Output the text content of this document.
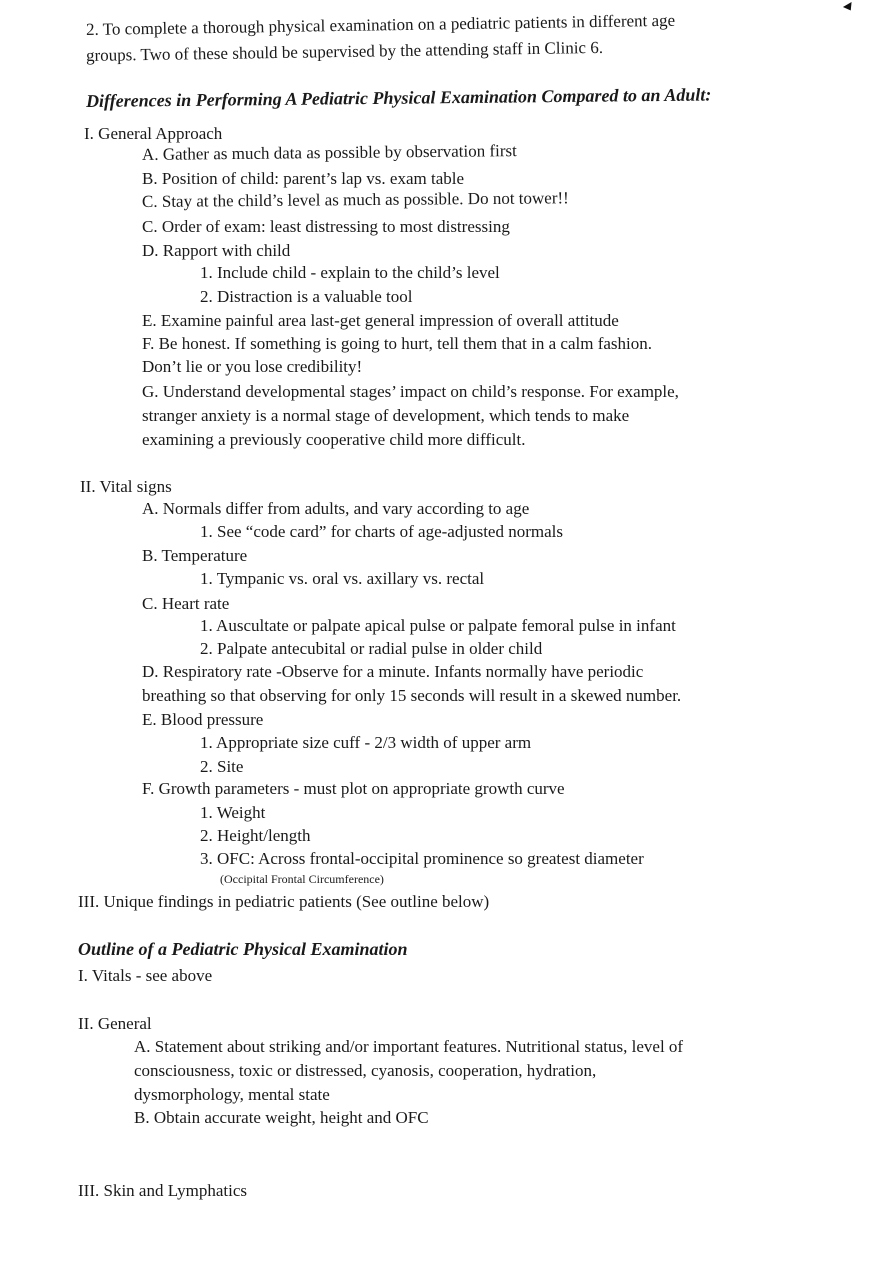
2. To complete a thorough physical examination on a pediatric patients in different age
groups. Two of these should be supervised by the attending staff in Clinic 6.
Differences in Performing A Pediatric Physical Examination Compared to an Adult:
I. General Approach
A. Gather as much data as possible by observation first
B. Position of child: parent’s lap vs. exam table
C. Stay at the child’s level as much as possible. Do not tower!!
C. Order of exam: least distressing to most distressing
D. Rapport with child
1. Include child - explain to the child’s level
2. Distraction is a valuable tool
E. Examine painful area last-get general impression of overall attitude
F. Be honest. If something is going to hurt, tell them that in a calm fashion.
Don’t lie or you lose credibility!
G. Understand developmental stages’ impact on child’s response. For example,
stranger anxiety is a normal stage of development, which tends to make
examining a previously cooperative child more difficult.
II. Vital signs
A. Normals differ from adults, and vary according to age
1. See “code card” for charts of age-adjusted normals
B. Temperature
1. Tympanic vs. oral vs. axillary vs. rectal
C. Heart rate
1. Auscultate or palpate apical pulse or palpate femoral pulse in infant
2. Palpate antecubital or radial pulse in older child
D. Respiratory rate -Observe for a minute. Infants normally have periodic
breathing so that observing for only 15 seconds will result in a skewed number.
E. Blood pressure
1. Appropriate size cuff - 2/3 width of upper arm
2. Site
F. Growth parameters - must plot on appropriate growth curve
1. Weight
2. Height/length
3. OFC: Across frontal-occipital prominence so greatest diameter
(Occipital Frontal Circumference)
III. Unique findings in pediatric patients (See outline below)
Outline of a Pediatric Physical Examination
I. Vitals - see above
II. General
A. Statement about striking and/or important features. Nutritional status, level of
consciousness, toxic or distressed, cyanosis, cooperation, hydration,
dysmorphology, mental state
B. Obtain accurate weight, height and OFC
III. Skin and Lymphatics
